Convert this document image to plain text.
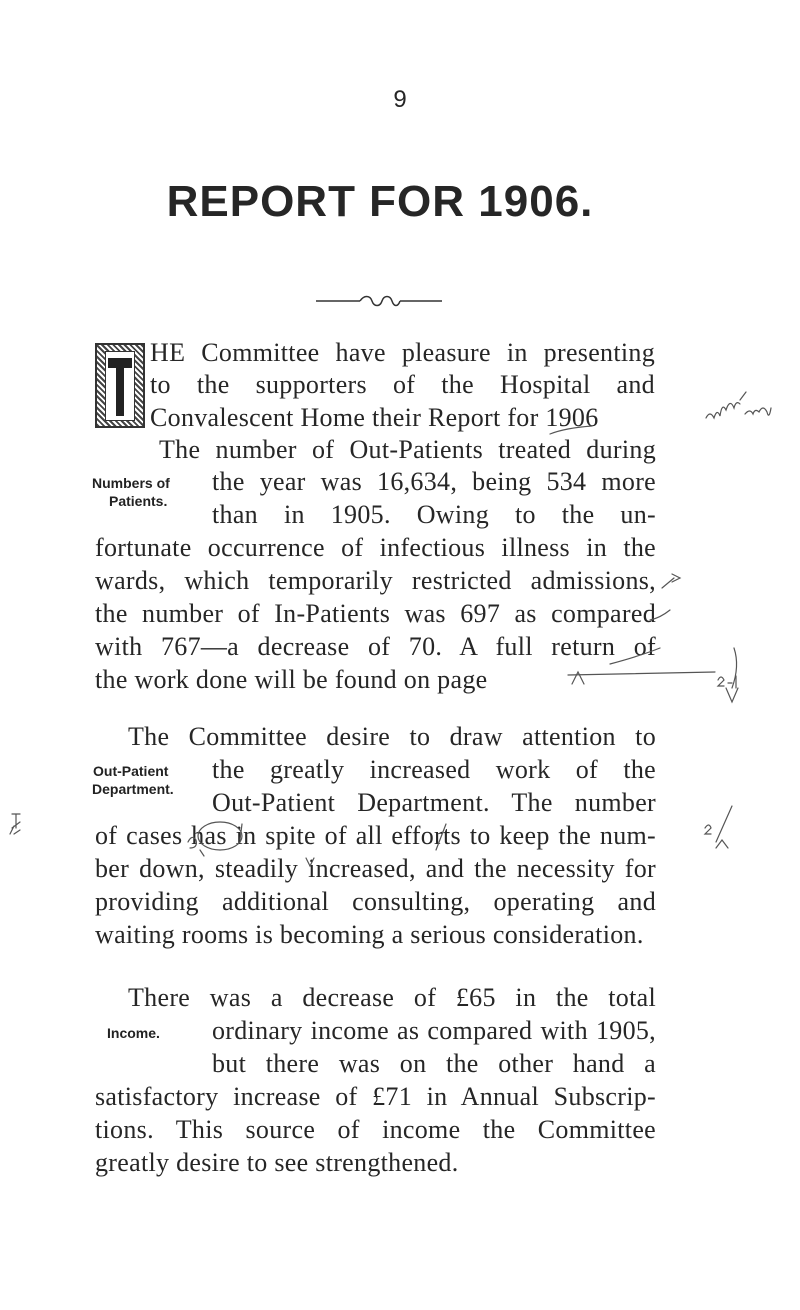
9
REPORT FOR 1906.
HE Committee have pleasure in presenting
to the supporters of the Hospital and
Convalescent Home their Report for 1906
The number of Out-Patients treated during
the year was 16,634, being 534 more
than in 1905. Owing to the un-
fortunate occurrence of infectious illness in the
wards, which temporarily restricted admissions,
the number of In-Patients was 697 as compared
with 767—a decrease of 70. A full return of
the work done will be found on page
The Committee desire to draw attention to
the greatly increased work of the
Out-Patient Department. The number
of cases has in spite of all efforts to keep the num-
ber down, steadily increased, and the necessity for
providing additional consulting, operating and
waiting rooms is becoming a serious consideration.
There was a decrease of £65 in the total
ordinary income as compared with 1905,
but there was on the other hand a
satisfactory increase of £71 in Annual Subscrip-
tions. This source of income the Committee
greatly desire to see strengthened.
Numbers of
Patients.
Out-Patient
Department.
Income.
